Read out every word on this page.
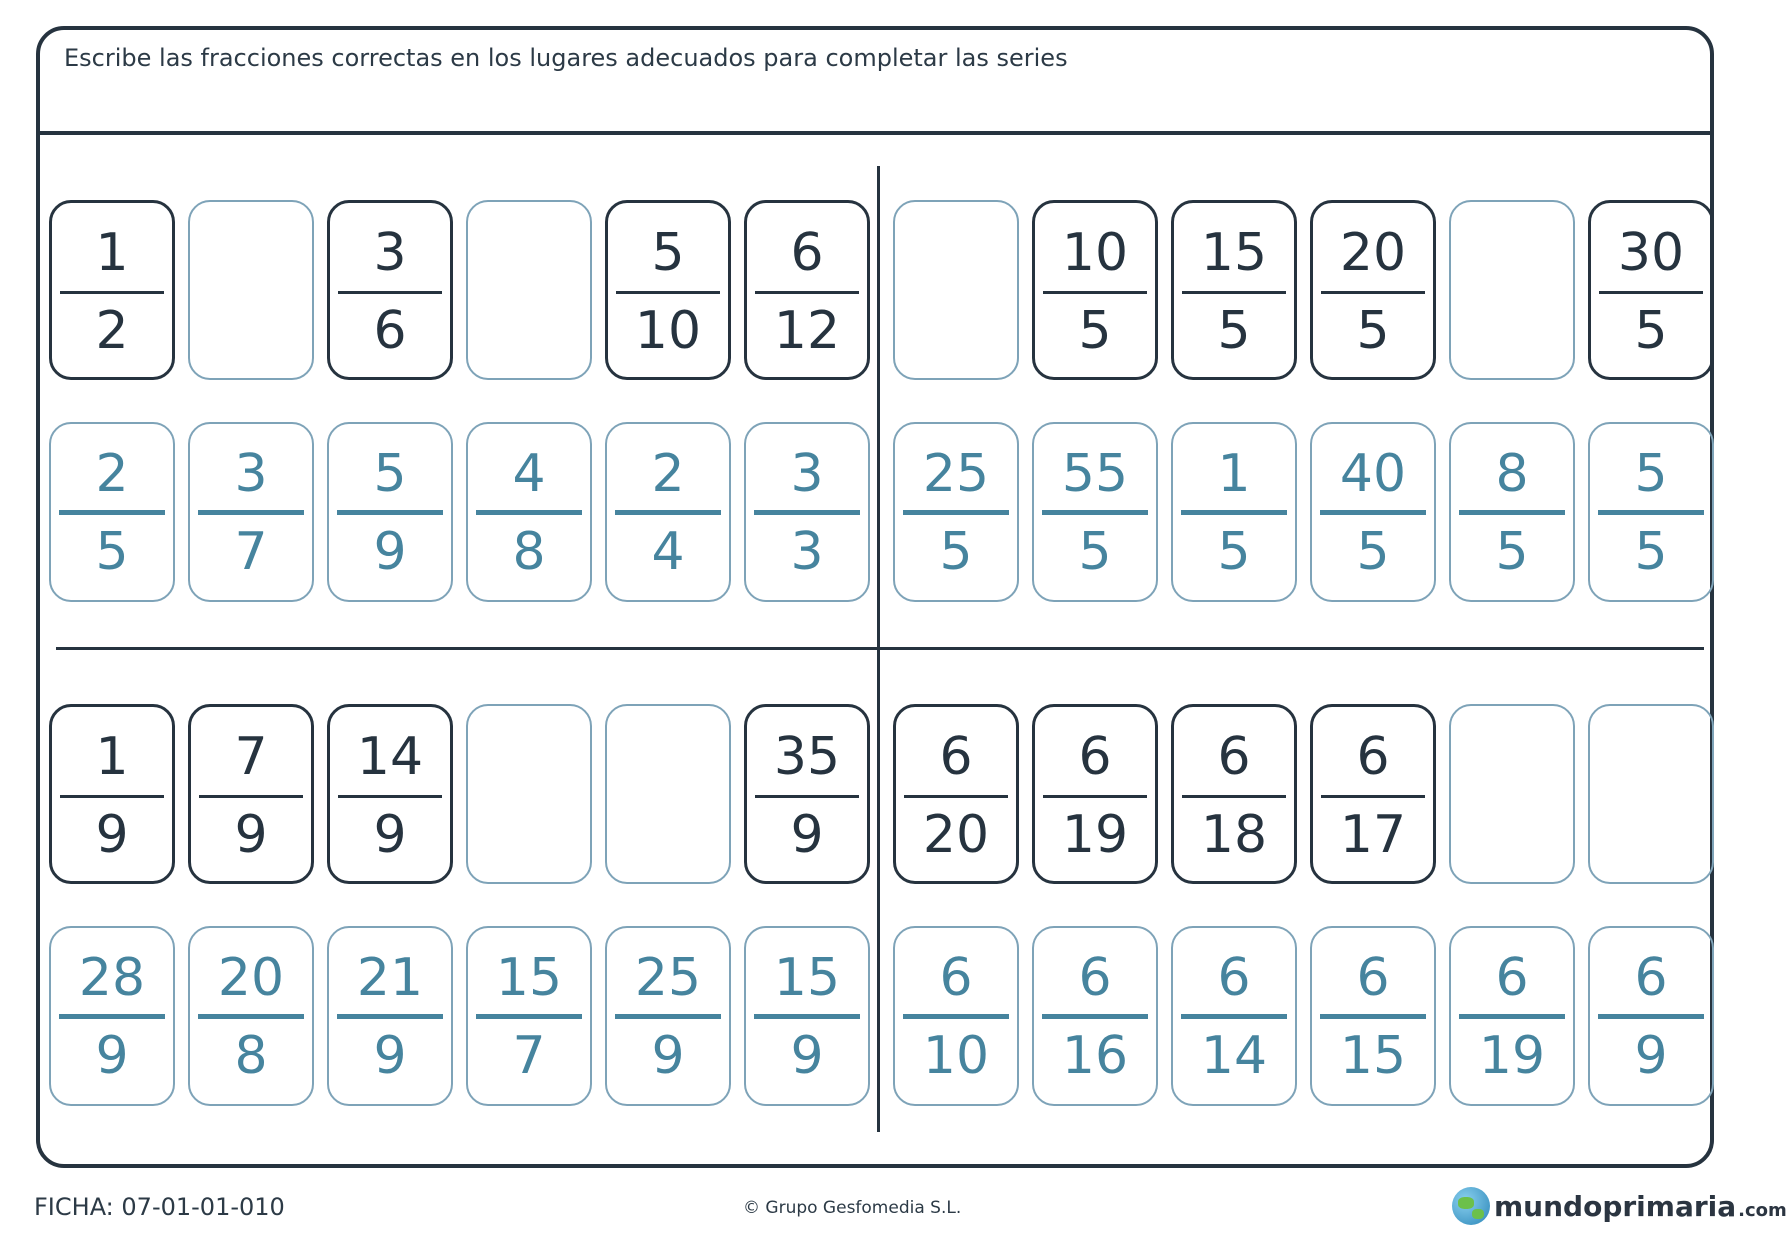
Escribe las fracciones correctas en los lugares adecuados para completar las series
1
2
3
6
5
10
6
12
2
5
3
7
5
9
4
8
2
4
3
3
10
5
15
5
20
5
30
5
25
5
55
5
1
5
40
5
8
5
5
5
1
9
7
9
14
9
35
9
28
9
20
8
21
9
15
7
25
9
15
9
6
20
6
19
6
18
6
17
6
10
6
16
6
14
6
15
6
19
6
9
FICHA: 07-01-01-010	© Grupo Gesfomedia S.L.	mundoprimaria .com
